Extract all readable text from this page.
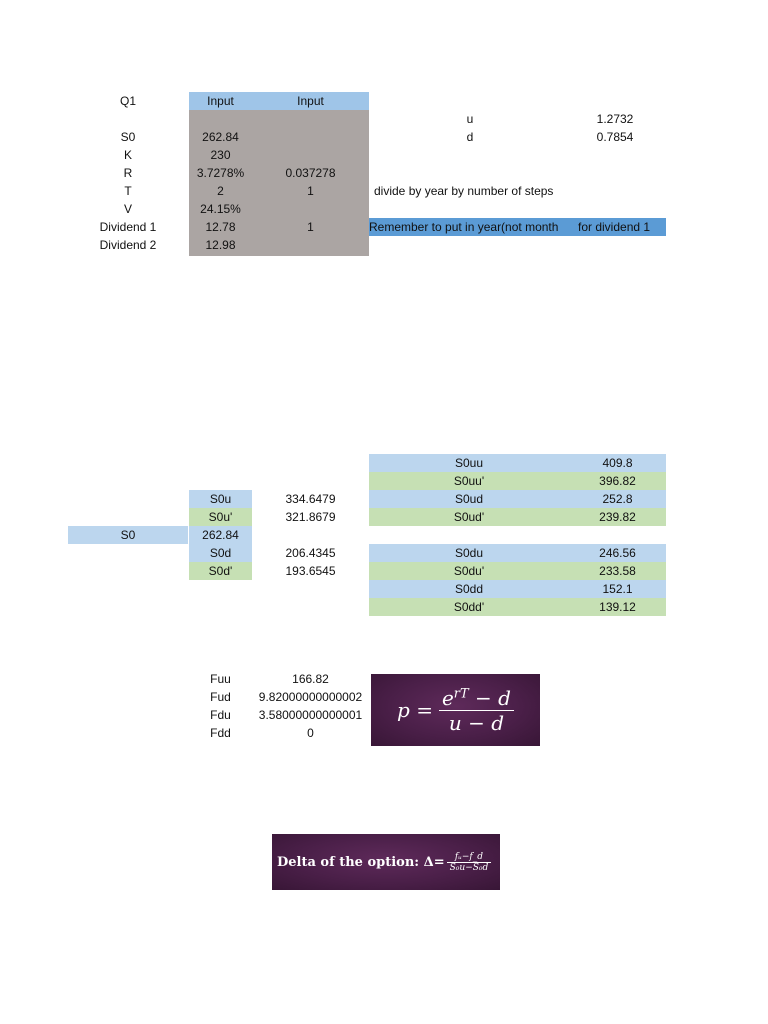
Q1	Input	Input
S0	262.84
K	230
R	3.7278%	0.037278
T	2	1
V	24.15%
Dividend 1	12.78	1
Dividend 2	12.98
divide by year by number of steps
Remember to put in year(not month	for dividend 1
u	1.2732
d	0.7854
S0uu	409.8
S0uu'	396.82
S0ud	252.8
S0ud'	239.82
S0du	246.56
S0du'	233.58
S0dd	152.1
S0dd'	139.12
S0u	334.6479
S0u'	321.8679
S0d	206.4345
S0d'	193.6545
S0	262.84
Fuu	166.82
Fud	9.82000000000002
Fdu	3.58000000000001
Fdd	0
$p = \frac{e^{rT} - d}{u - d}$
Delta of the option: $\Delta= \frac{\text{fᵤ−f\_d}}{\text{S₀u−S₀d}}$
